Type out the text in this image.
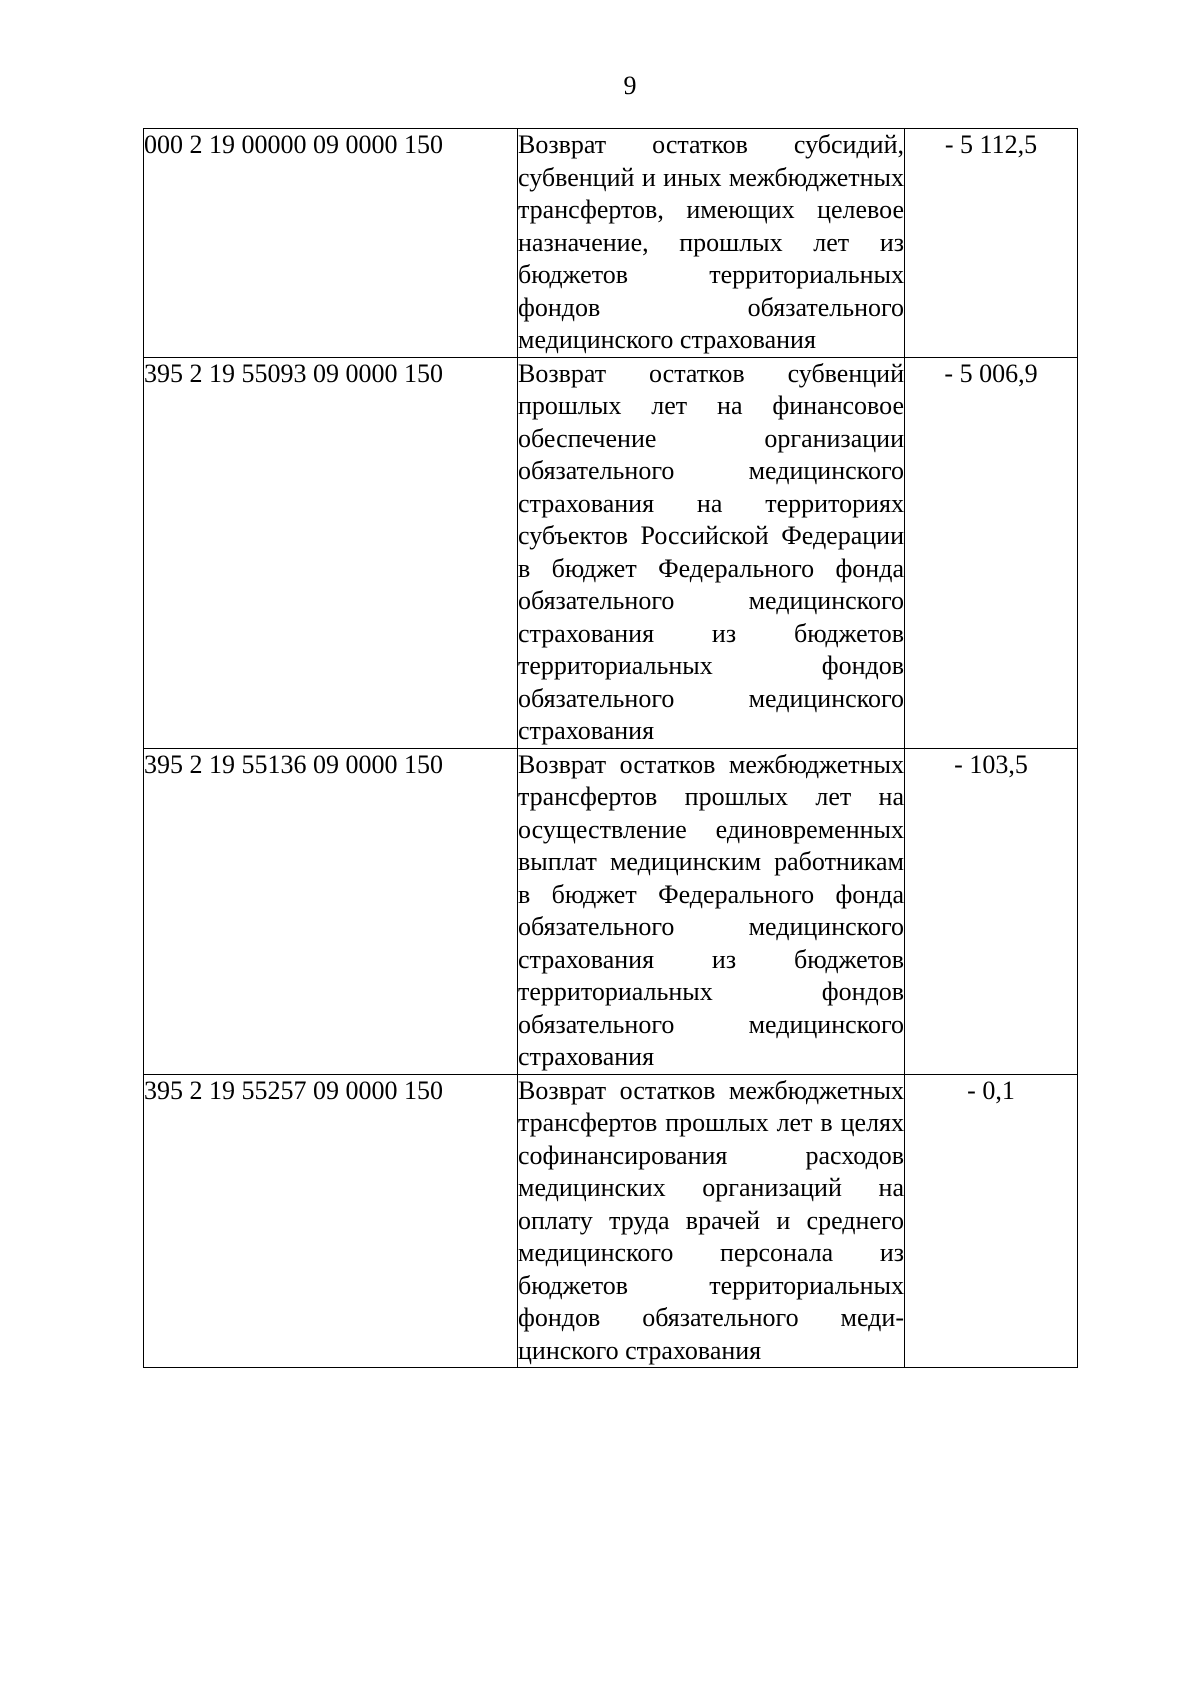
9
000 2 19 00000 09 0000 150	Возврат остатков субсидий, субвенций и иных межбюджетных трансфертов, имеющих целевое назначение, прошлых лет из бюджетов территориальных фондов обязательного медицинского страхования	- 5 112,5
395 2 19 55093 09 0000 150	Возврат остатков субвенций прошлых лет на финансовое обеспечение организации обязательного медицинского страхования на территориях субъектов Российской Федерации в бюджет Федерального фонда обязательного медицинского страхования из бюджетов территориальных фондов обязательного медицинского страхования	- 5 006,9
395 2 19 55136 09 0000 150	Возврат остатков межбюджетных трансфертов прошлых лет на осуществление единовременных выплат медицинским работникам в бюджет Федерального фонда обязательного медицинского страхования из бюджетов территориальных фондов обязательного медицинского страхования	- 103,5
395 2 19 55257 09 0000 150	Возврат остатков межбюджетных трансфертов прошлых лет в целях софинансирования расходов медицинских организаций на оплату труда врачей и среднего медицинского персонала из бюджетов территориальных фондов обязательного медицинского страхования	- 0,1
